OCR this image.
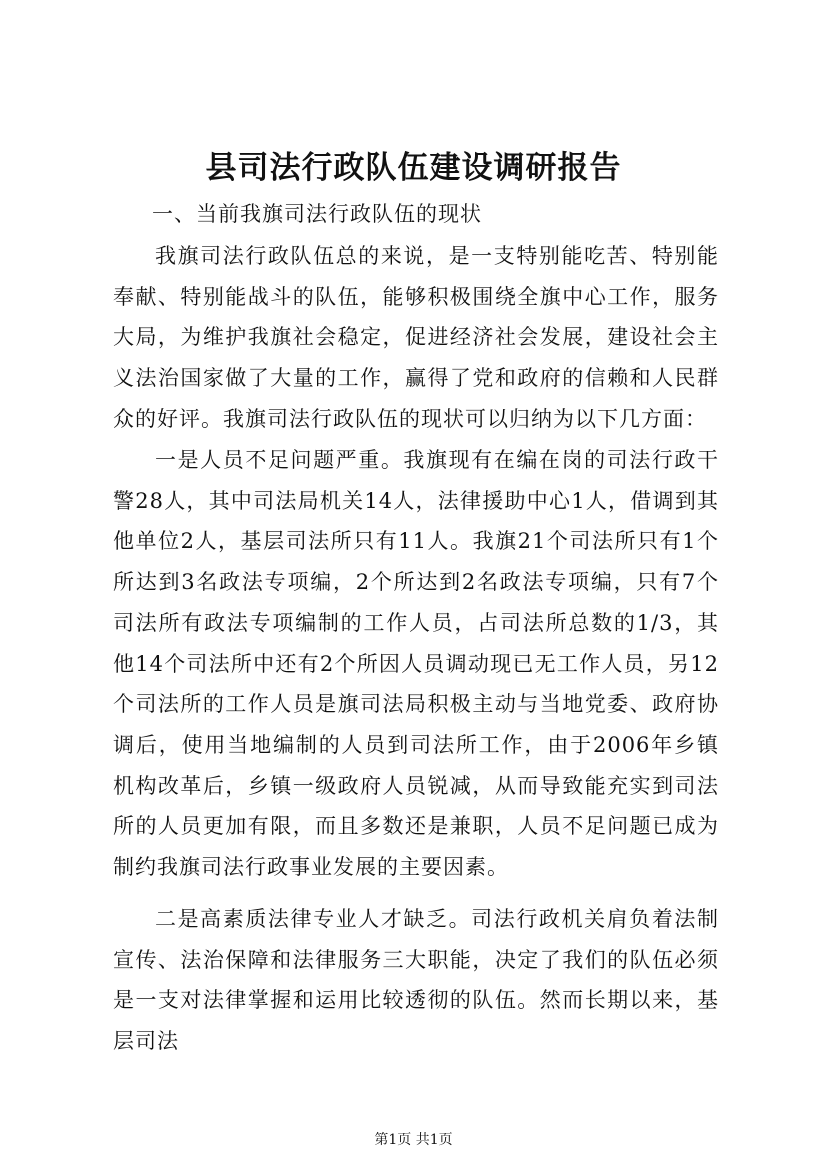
县司法行政队伍建设调研报告
一、当前我旗司法行政队伍的现状

我旗司法行政队伍总的来说，是一支特别能吃苦、特别能奉献、特别能战斗的队伍，能够积极围绕全旗中心工作，服务大局，为维护我旗社会稳定，促进经济社会发展，建设社会主义法治国家做了大量的工作，赢得了党和政府的信赖和人民群众的好评。我旗司法行政队伍的现状可以归纳为以下几方面：

一是人员不足问题严重。我旗现有在编在岗的司法行政干警28人，其中司法局机关14人，法律援助中心1人，借调到其他单位2人，基层司法所只有11人。我旗21个司法所只有1个所达到3名政法专项编，2个所达到2名政法专项编，只有7个司法所有政法专项编制的工作人员，占司法所总数的1/3，其他14个司法所中还有2个所因人员调动现已无工作人员，另12个司法所的工作人员是旗司法局积极主动与当地党委、政府协调后，使用当地编制的人员到司法所工作，由于2006年乡镇机构改革后，乡镇一级政府人员锐减，从而导致能充实到司法所的人员更加有限，而且多数还是兼职，人员不足问题已成为制约我旗司法行政事业发展的主要因素。

二是高素质法律专业人才缺乏。司法行政机关肩负着法制宣传、法治保障和法律服务三大职能，决定了我们的队伍必须是一支对法律掌握和运用比较透彻的队伍。然而长期以来，基层司法

第1页 共1页
